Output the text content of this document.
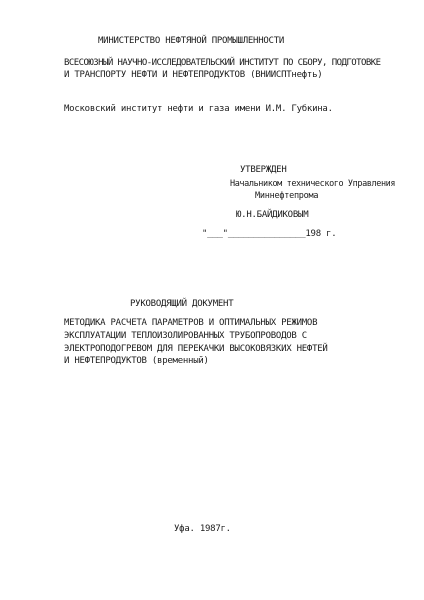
МИНИСТЕРСТВО НЕФТЯНОЙ ПРОМЫШЛЕННОСТИ
ВСЕСОЮЗНЫЙ НАУЧНО-ИССЛЕДОВАТЕЛЬСКИЙ ИНСТИТУТ ПО СБОРУ, ПОДГОТОВКЕ
И ТРАНСПОРТУ НЕФТИ И НЕФТЕПРОДУКТОВ (ВНИИСПТнефть)
Московский институт нефти и газа имени И.М. Губкина.
УТВЕРЖДЕН
Начальником технического Управления
Миннефтепрома
Ю.Н.БАЙДИКОВЫМ
"___"_______________198 г.
РУКОВОДЯЩИЙ ДОКУМЕНТ
МЕТОДИКА РАСЧЕТА ПАРАМЕТРОВ И ОПТИМАЛЬНЫХ РЕЖИМОВ
ЭКСПЛУАТАЦИИ ТЕПЛОИЗОЛИРОВАННЫХ ТРУБОПРОВОДОВ С
ЭЛЕКТРОПОДОГРЕВОМ ДЛЯ ПЕРЕКАЧКИ ВЫСОКОВЯЗКИХ НЕФТЕЙ
И НЕФТЕПРОДУКТОВ (временный)
Уфа. 1987г.
